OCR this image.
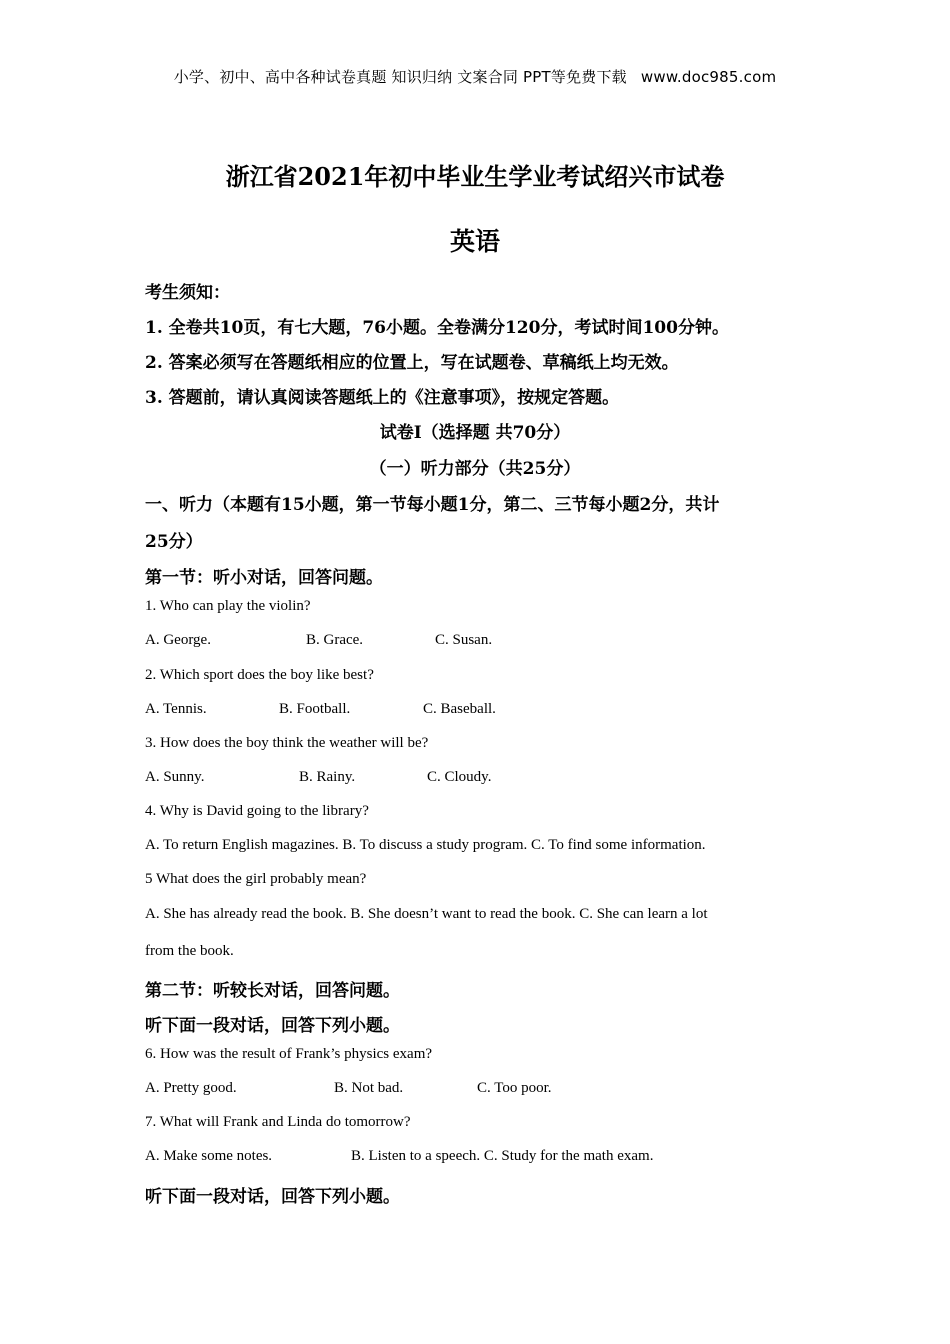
小学、初中、高中各种试卷真题 知识归纳 文案合同 PPT等免费下载 www.doc985.com
浙江省2021年初中毕业生学业考试绍兴市试卷
英语
考生须知：
1. 全卷共10页，有七大题，76小题。全卷满分120分，考试时间100分钟。
2. 答案必须写在答题纸相应的位置上，写在试题卷、草稿纸上均无效。
3. 答题前，请认真阅读答题纸上的《注意事项》，按规定答题。
试卷I（选择题 共70分）
（一）听力部分（共25分）
一、听力（本题有15小题，第一节每小题1分，第二、三节每小题2分，共计
25分）
第一节：听小对话，回答问题。
1. Who can play the violin?
A. George.	B. Grace.	C. Susan.
2. Which sport does the boy like best?
A. Tennis.	B. Football.	C. Baseball.
3. How does the boy think the weather will be?
A. Sunny.	B. Rainy.	C. Cloudy.
4. Why is David going to the library?
A. To return English magazines. B. To discuss a study program. C. To find some information.
5 What does the girl probably mean?
A. She has already read the book. B. She doesn’t want to read the book. C. She can learn a lot
from the book.
第二节：听较长对话，回答问题。
听下面一段对话，回答下列小题。
6. How was the result of Frank’s physics exam?
A. Pretty good.	B. Not bad.	C. Too poor.
7. What will Frank and Linda do tomorrow?
A. Make some notes.	B. Listen to a speech. C. Study for the math exam.
听下面一段对话，回答下列小题。
